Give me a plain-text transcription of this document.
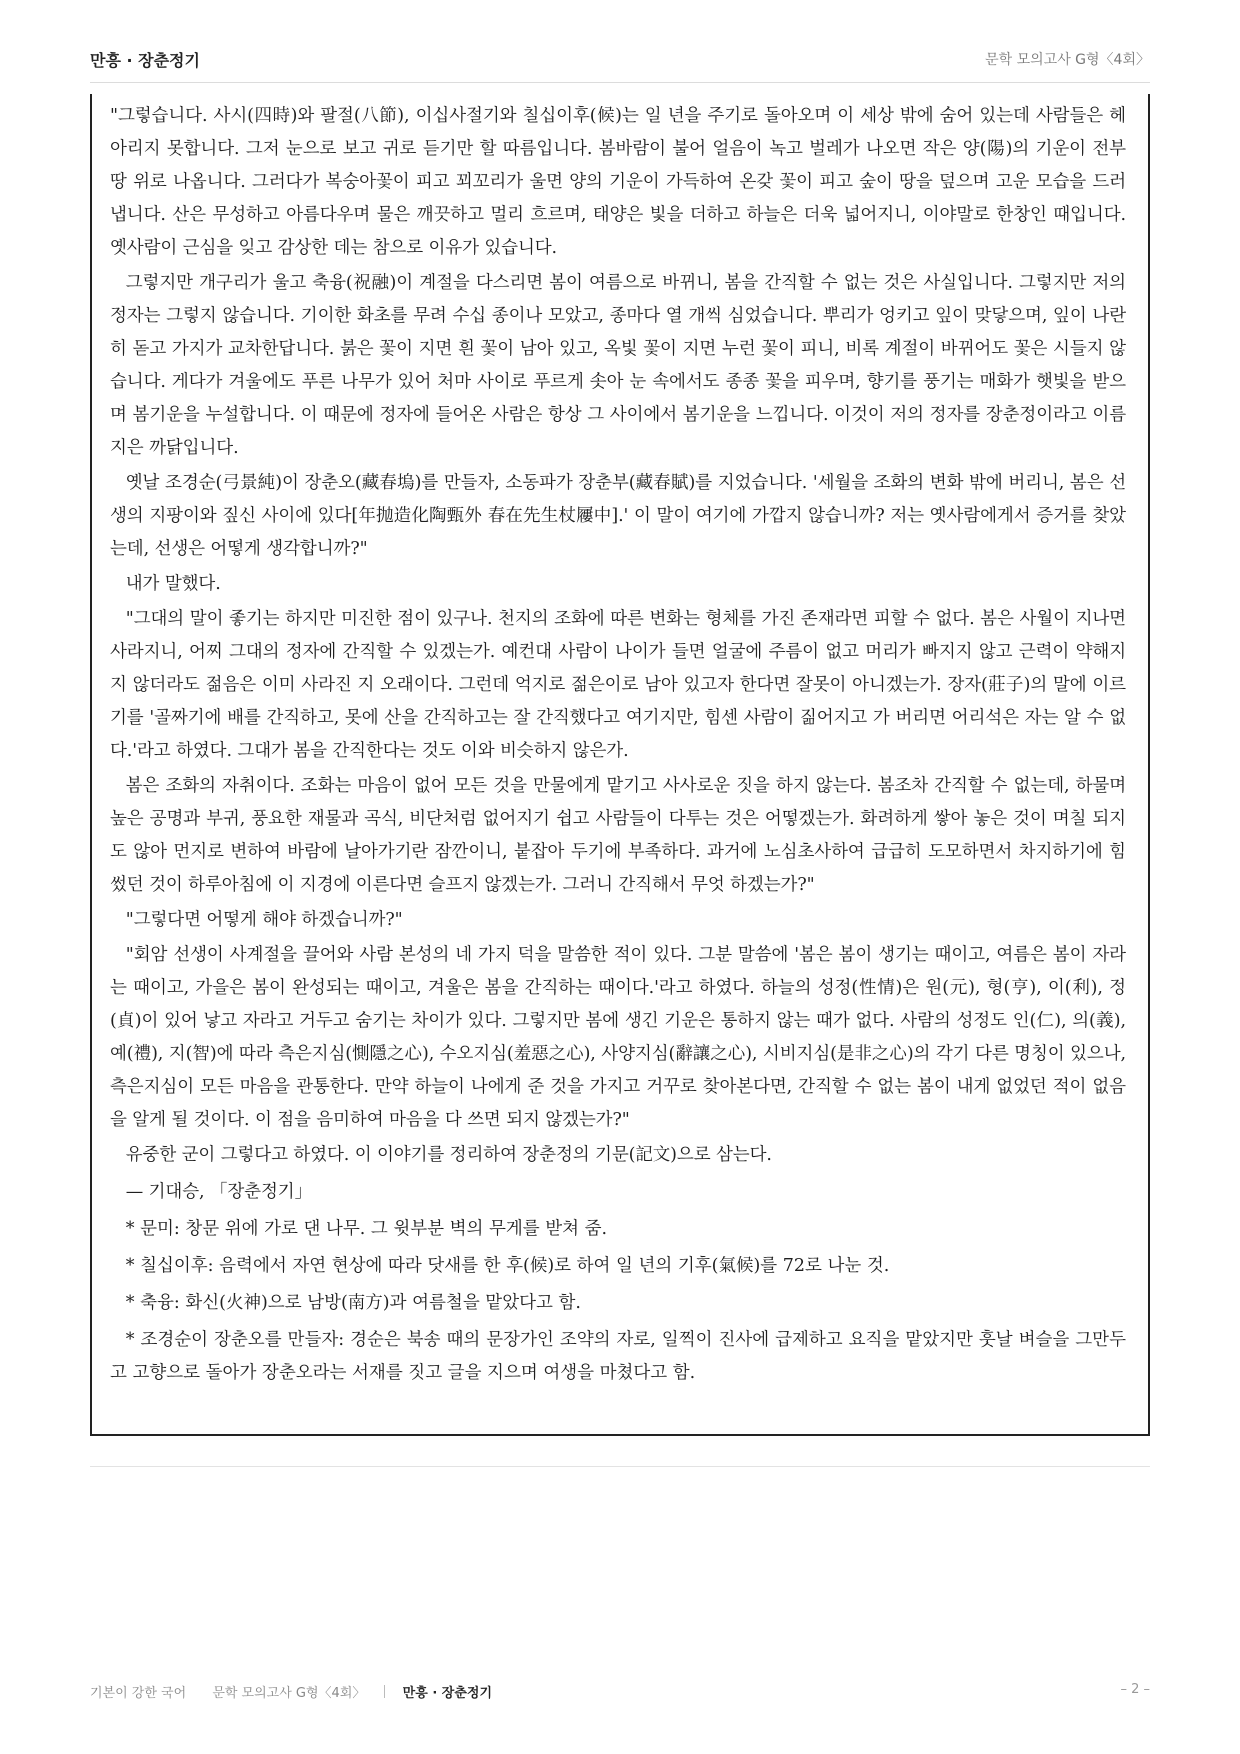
만흥 · 장춘정기	문학 모의고사 G형〈4회〉

"그렇습니다. 사시(四時)와 팔절(八節), 이십사절기와 칠십이후(候)는 일 년을 주기로 돌아오며 이 세상 밖에 숨어 있는데 사람들은 헤아리지 못합니다. 그저 눈으로 보고 귀로 듣기만 할 따름입니다. 봄바람이 불어 얼음이 녹고 벌레가 나오면 작은 양(陽)의 기운이 전부 땅 위로 나옵니다. 그러다가 복숭아꽃이 피고 꾀꼬리가 울면 양의 기운이 가득하여 온갖 꽃이 피고 숲이 땅을 덮으며 고운 모습을 드러냅니다. 산은 무성하고 아름다우며 물은 깨끗하고 멀리 흐르며, 태양은 빛을 더하고 하늘은 더욱 넓어지니, 이야말로 한창인 때입니다. 옛사람이 근심을 잊고 감상한 데는 참으로 이유가 있습니다.

그렇지만 개구리가 울고 축융(祝融)이 계절을 다스리면 봄이 여름으로 바뀌니, 봄을 간직할 수 없는 것은 사실입니다. 그렇지만 저의 정자는 그렇지 않습니다. 기이한 화초를 무려 수십 종이나 모았고, 종마다 열 개씩 심었습니다. 뿌리가 엉키고 잎이 맞닿으며, 잎이 나란히 돋고 가지가 교차한답니다. 붉은 꽃이 지면 흰 꽃이 남아 있고, 옥빛 꽃이 지면 누런 꽃이 피니, 비록 계절이 바뀌어도 꽃은 시들지 않습니다. 게다가 겨울에도 푸른 나무가 있어 처마 사이로 푸르게 솟아 눈 속에서도 종종 꽃을 피우며, 향기를 풍기는 매화가 햇빛을 받으며 봄기운을 누설합니다. 이 때문에 정자에 들어온 사람은 항상 그 사이에서 봄기운을 느낍니다. 이것이 저의 정자를 장춘정이라고 이름 지은 까닭입니다.

옛날 조경순(弓景純)이 장춘오(藏春塢)를 만들자, 소동파가 장춘부(藏春賦)를 지었습니다. '세월을 조화의 변화 밖에 버리니, 봄은 선생의 지팡이와 짚신 사이에 있다[年抛造化陶甄外 春在先生杖屨中].' 이 말이 여기에 가깝지 않습니까? 저는 옛사람에게서 증거를 찾았는데, 선생은 어떻게 생각합니까?"

내가 말했다.

"그대의 말이 좋기는 하지만 미진한 점이 있구나. 천지의 조화에 따른 변화는 형체를 가진 존재라면 피할 수 없다. 봄은 사월이 지나면 사라지니, 어찌 그대의 정자에 간직할 수 있겠는가. 예컨대 사람이 나이가 들면 얼굴에 주름이 없고 머리가 빠지지 않고 근력이 약해지지 않더라도 젊음은 이미 사라진 지 오래이다. 그런데 억지로 젊은이로 남아 있고자 한다면 잘못이 아니겠는가. 장자(莊子)의 말에 이르기를 '골짜기에 배를 간직하고, 못에 산을 간직하고는 잘 간직했다고 여기지만, 힘센 사람이 짊어지고 가 버리면 어리석은 자는 알 수 없다.'라고 하였다. 그대가 봄을 간직한다는 것도 이와 비슷하지 않은가.

봄은 조화의 자취이다. 조화는 마음이 없어 모든 것을 만물에게 맡기고 사사로운 짓을 하지 않는다. 봄조차 간직할 수 없는데, 하물며 높은 공명과 부귀, 풍요한 재물과 곡식, 비단처럼 없어지기 쉽고 사람들이 다투는 것은 어떻겠는가. 화려하게 쌓아 놓은 것이 며칠 되지도 않아 먼지로 변하여 바람에 날아가기란 잠깐이니, 붙잡아 두기에 부족하다. 과거에 노심초사하여 급급히 도모하면서 차지하기에 힘썼던 것이 하루아침에 이 지경에 이른다면 슬프지 않겠는가. 그러니 간직해서 무엇 하겠는가?"

"그렇다면 어떻게 해야 하겠습니까?"

"회암 선생이 사계절을 끌어와 사람 본성의 네 가지 덕을 말씀한 적이 있다. 그분 말씀에 '봄은 봄이 생기는 때이고, 여름은 봄이 자라는 때이고, 가을은 봄이 완성되는 때이고, 겨울은 봄을 간직하는 때이다.'라고 하였다. 하늘의 성정(性情)은 원(元), 형(亨), 이(利), 정(貞)이 있어 낳고 자라고 거두고 숨기는 차이가 있다. 그렇지만 봄에 생긴 기운은 통하지 않는 때가 없다. 사람의 성정도 인(仁), 의(義), 예(禮), 지(智)에 따라 측은지심(惻隱之心), 수오지심(羞惡之心), 사양지심(辭讓之心), 시비지심(是非之心)의 각기 다른 명칭이 있으나, 측은지심이 모든 마음을 관통한다. 만약 하늘이 나에게 준 것을 가지고 거꾸로 찾아본다면, 간직할 수 없는 봄이 내게 없었던 적이 없음을 알게 될 것이다. 이 점을 음미하여 마음을 다 쓰면 되지 않겠는가?"

유중한 군이 그렇다고 하였다. 이 이야기를 정리하여 장춘정의 기문(記文)으로 삼는다.

— 기대승, 「장춘정기」

* 문미: 창문 위에 가로 댄 나무. 그 윗부분 벽의 무게를 받쳐 줌.

* 칠십이후: 음력에서 자연 현상에 따라 닷새를 한 후(候)로 하여 일 년의 기후(氣候)를 72로 나눈 것.

* 축융: 화신(火神)으로 남방(南方)과 여름철을 맡았다고 함.

* 조경순이 장춘오를 만들자: 경순은 북송 때의 문장가인 조약의 자로, 일찍이 진사에 급제하고 요직을 맡았지만 훗날 벼슬을 그만두고 고향으로 돌아가 장춘오라는 서재를 짓고 글을 지으며 여생을 마쳤다고 함.

기본이 강한 국어 문학 모의고사 G형〈4회〉	만흥 · 장춘정기	– 2 –
